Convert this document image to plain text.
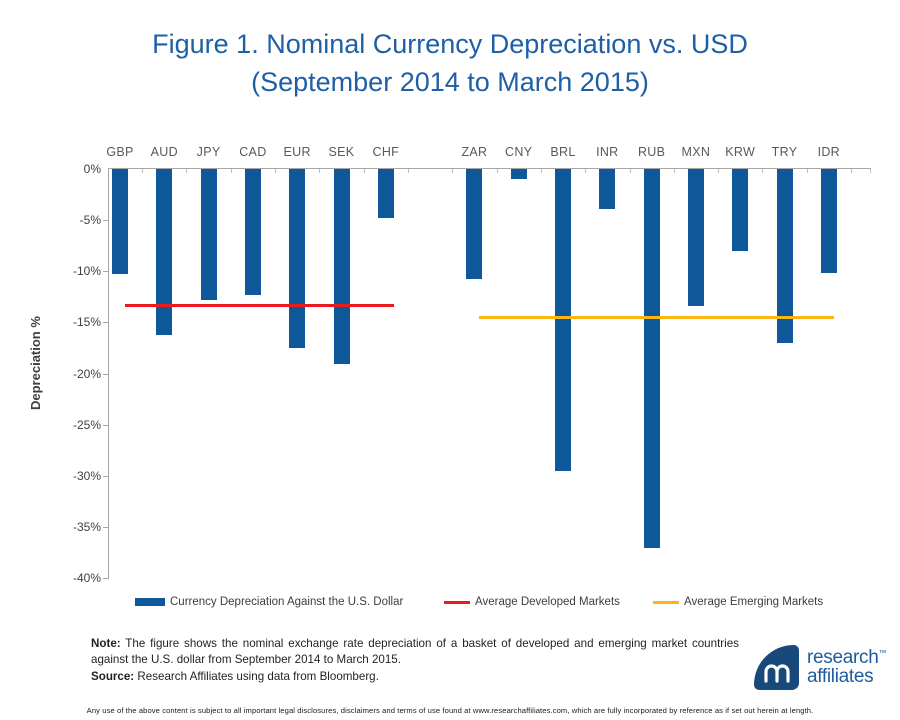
Figure 1. Nominal Currency Depreciation vs. USD
(September 2014 to March 2015)
Depreciation %
GBP	AUD	JPY	CAD	EUR	SEK	CHF	ZAR	CNY	BRL	INR	RUB	MXN	KRW	TRY	IDR
0%
-5%
-10%
-15%
-20%
-25%
-30%
-35%
-40%
Currency Depreciation Against the U.S. Dollar	Average Developed Markets	Average Emerging Markets

Note: The figure shows the nominal exchange rate depreciation of a basket of developed and emerging market countries against the U.S. dollar from September 2014 to March 2015.

Source: Research Affiliates using data from Bloomberg.

research™
affiliates
Any use of the above content is subject to all important legal disclosures, disclaimers and terms of use found at www.researchaffiliates.com, which are fully incorporated by reference as if set out herein at length.
